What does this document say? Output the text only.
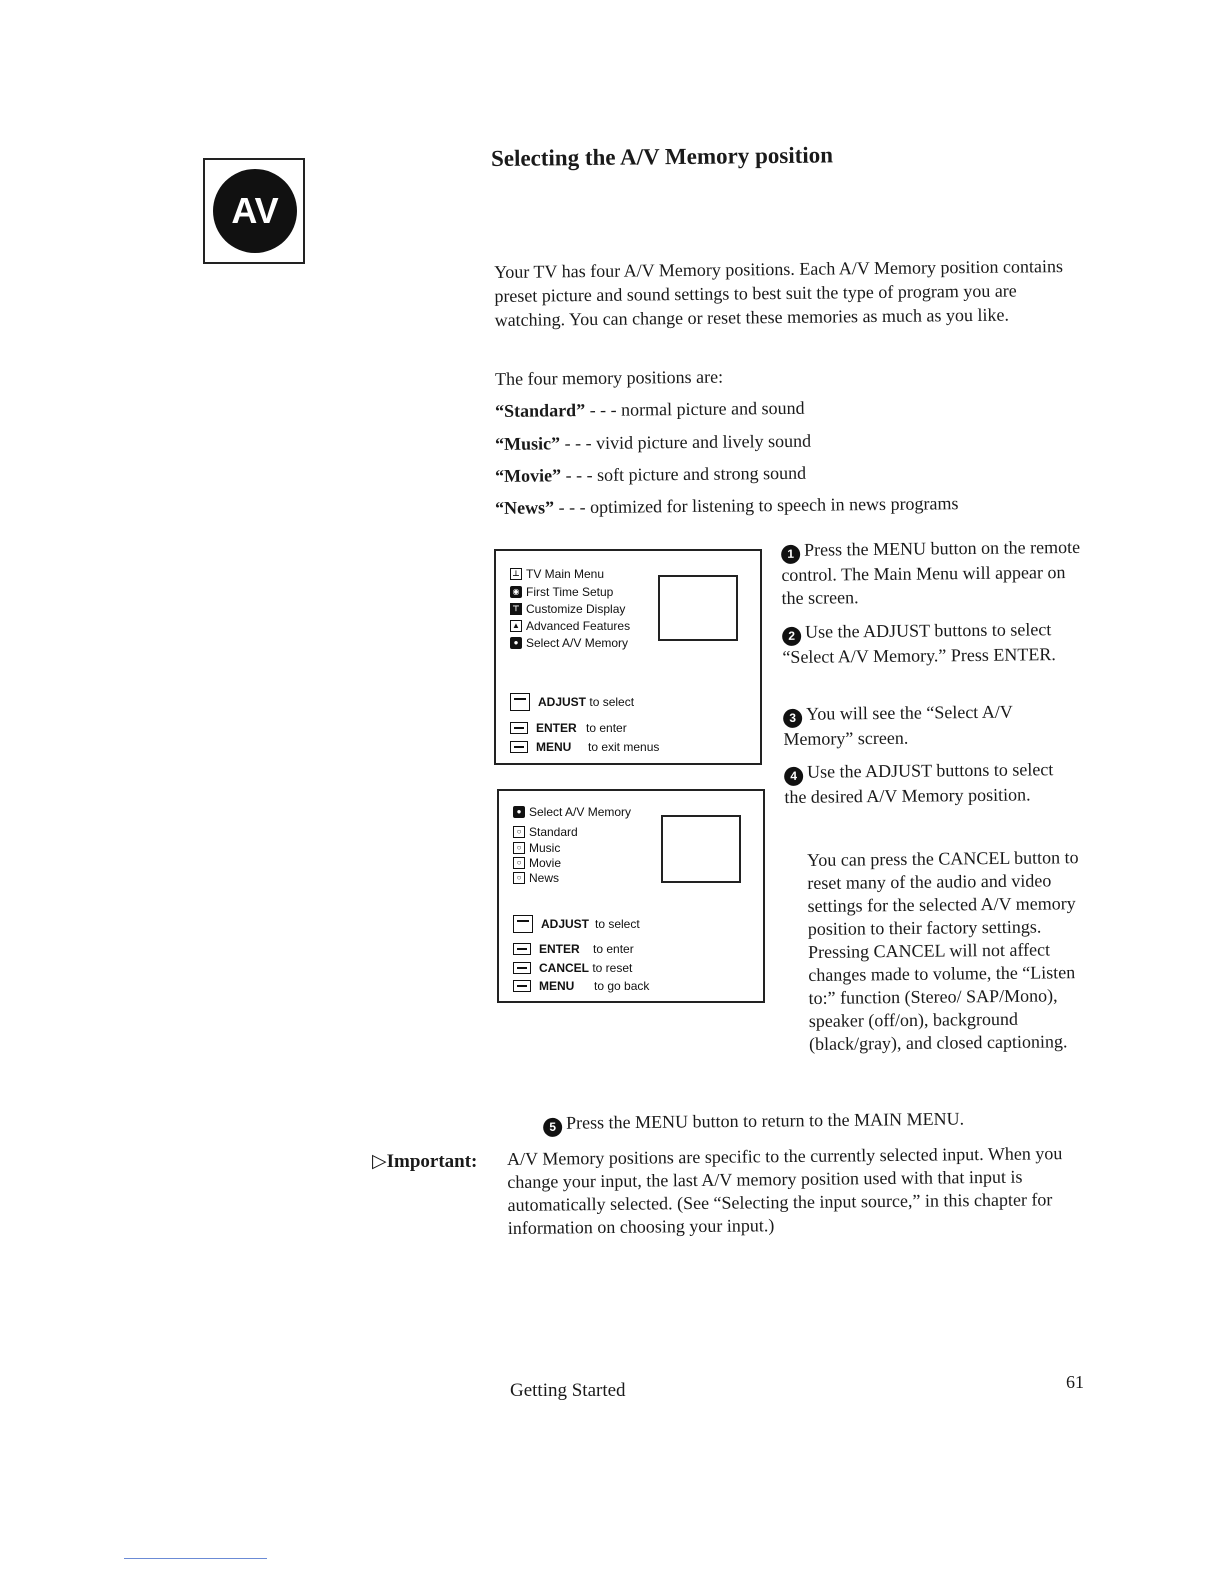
AV
Selecting the A/V Memory position

Your TV has four A/V Memory positions. Each A/V Memory position contains preset picture and sound settings to best suit the type of program you are watching. You can change or reset these memories as much as you like.

The four memory positions are:

“Standard” - - - normal picture and sound

“Music” - - - vivid picture and lively sound

“Movie” - - - soft picture and strong sound

“News” - - - optimized for listening to speech in news programs

⊥ TV Main Menu
◉ First Time Setup
⊤ Customize Display
▲ Advanced Features
● Select A/V Memory
ADJUST
to select
ENTER to enter
MENU	to exit menus
● Select A/V Memory
○ Standard
○ Music
○ Movie
○ News
ADJUST to select
ENTER	to enter
CANCEL
to reset
MENU	to go back

1 Press the MENU button on the remote control. The Main Menu will appear on the screen.

2 Use the ADJUST buttons to select “Select A/V Memory.” Press ENTER.

3 You will see the “Select A/V Memory” screen.

4 Use the ADJUST buttons to select the desired A/V Memory position.

You can press the CANCEL button to reset many of the audio and video settings for the selected A/V memory position to their factory settings. Pressing CANCEL will not affect changes made to volume, the “Listen to:” function (Stereo/ SAP/Mono), speaker (off/on), background (black/gray), and closed captioning.

5 Press the MENU button to return to the MAIN MENU.

▷Important: A/V Memory positions are specific to the currently selected input. When you change your input, the last A/V memory position used with that input is automatically selected. (See “Selecting the input source,” in this chapter for information on choosing your input.)

Getting Started	61
